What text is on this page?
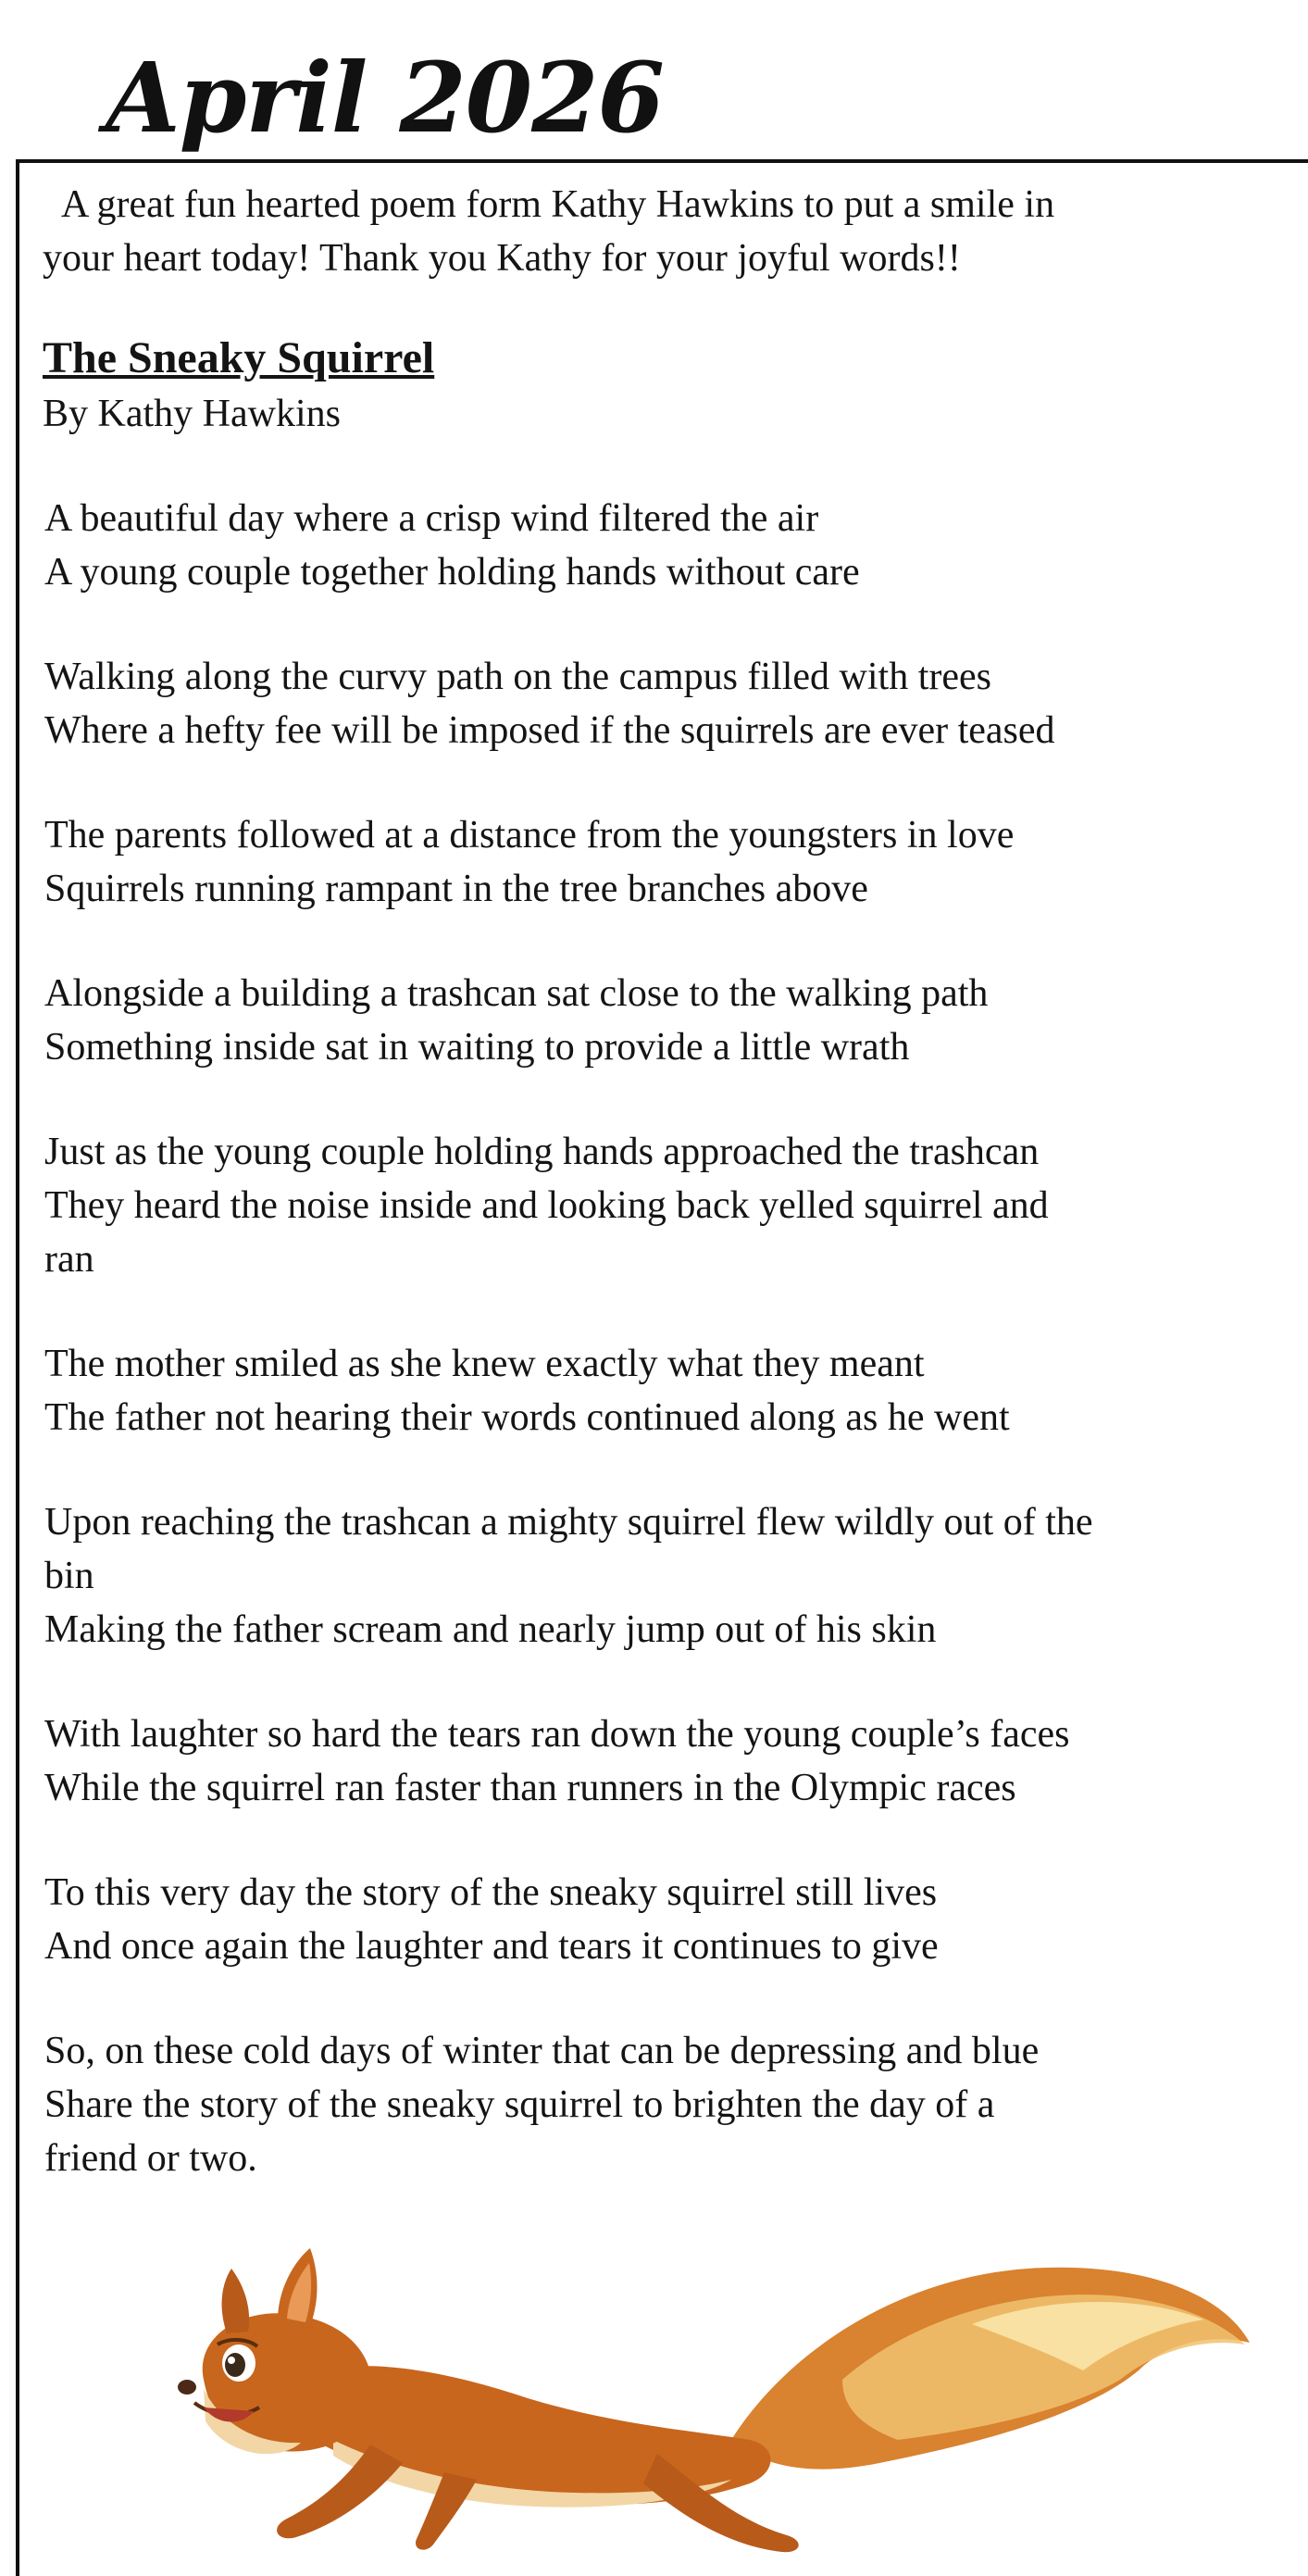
April 2026

A great fun hearted poem form Kathy Hawkins to put a smile in
your heart today! Thank you Kathy for your joyful words!!

The Sneaky Squirrel

By Kathy Hawkins

A beautiful day where a crisp wind filtered the air
A young couple together holding hands without care

Walking along the curvy path on the campus filled with trees
Where a hefty fee will be imposed if the squirrels are ever teased

The parents followed at a distance from the youngsters in love
Squirrels running rampant in the tree branches above

Alongside a building a trashcan sat close to the walking path
Something inside sat in waiting to provide a little wrath

Just as the young couple holding hands approached the trashcan
They heard the noise inside and looking back yelled squirrel and
ran

The mother smiled as she knew exactly what they meant
The father not hearing their words continued along as he went

Upon reaching the trashcan a mighty squirrel flew wildly out of the
bin
Making the father scream and nearly jump out of his skin

With laughter so hard the tears ran down the young couple’s faces
While the squirrel ran faster than runners in the Olympic races

To this very day the story of the sneaky squirrel still lives
And once again the laughter and tears it continues to give

So, on these cold days of winter that can be depressing and blue
Share the story of the sneaky squirrel to brighten the day of a
friend or two.
